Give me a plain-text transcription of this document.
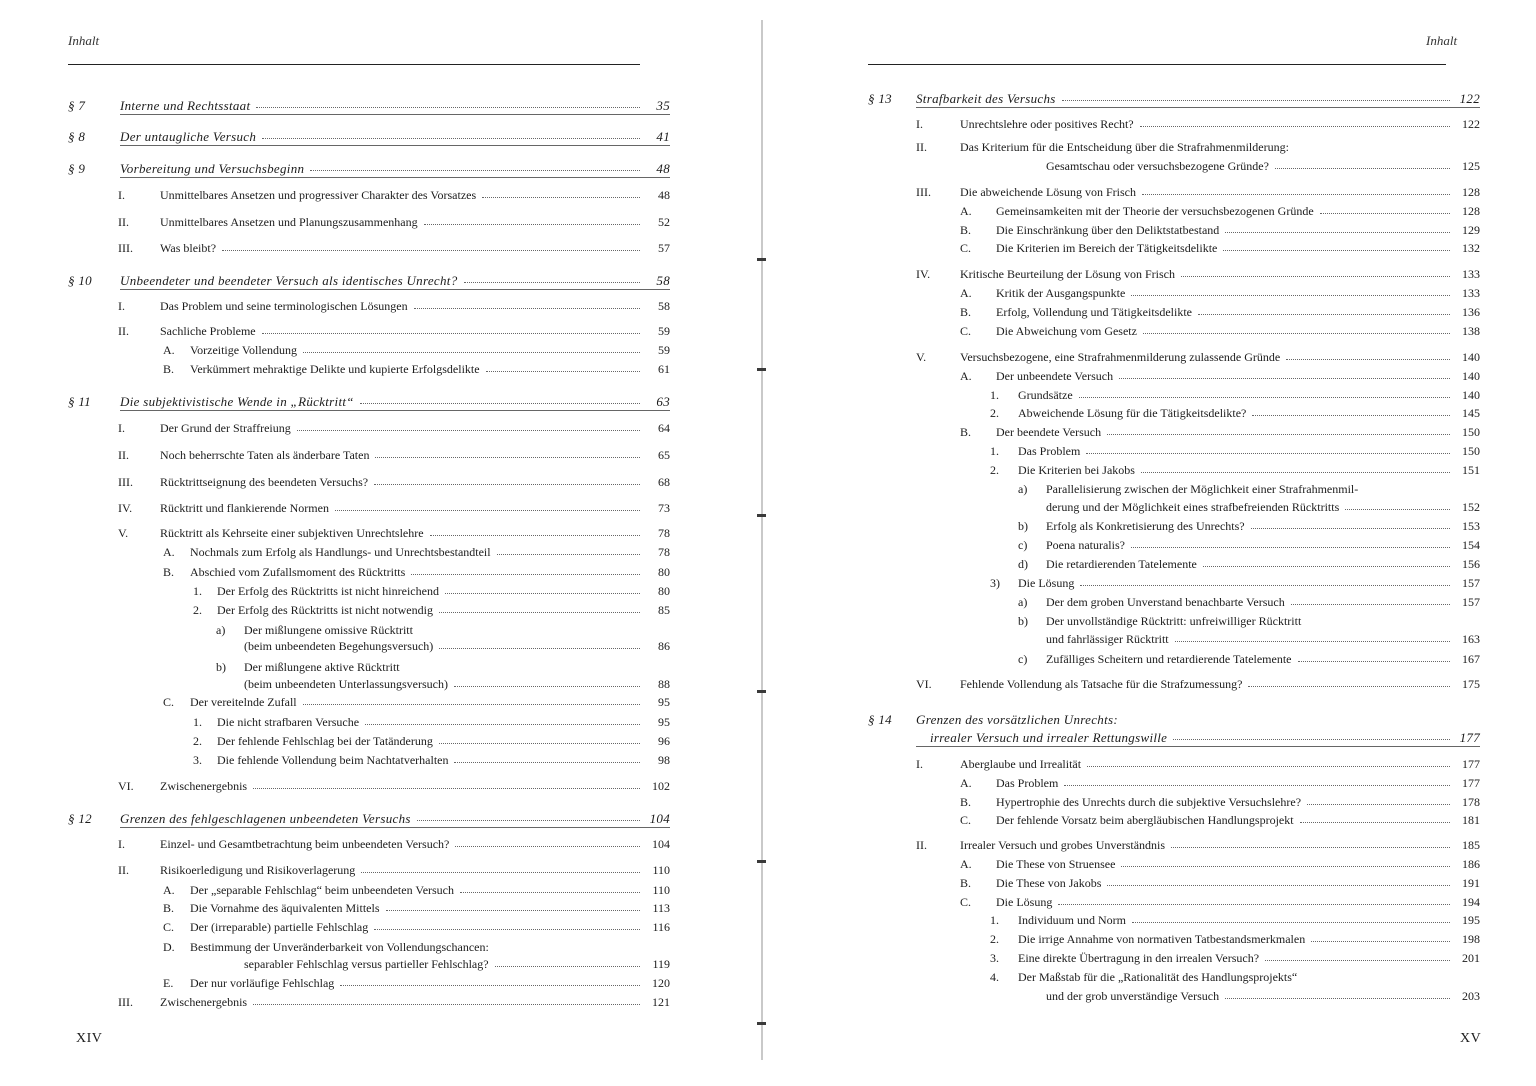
Inhalt
§ 7	Interne und Rechtsstaat	35
§ 8	Der untaugliche Versuch	41
§ 9	Vorbereitung und Versuchsbeginn	48
I.	Unmittelbares Ansetzen und progressiver Charakter des Vorsatzes	48
II.	Unmittelbares Ansetzen und Planungszusammenhang	52
III. Was bleibt?	57
§ 10 Unbeendeter und beendeter Versuch als identisches Unrecht?	58
I.	Das Problem und seine terminologischen Lösungen	58
II.	Sachliche Probleme	59
A. Vorzeitige Vollendung	59
B. Verkümmert mehraktige Delikte und kupierte Erfolgsdelikte	61
§ 11 Die subjektivistische Wende in „Rücktritt“	63
I.	Der Grund der Straffreiung	64
II.	Noch beherrschte Taten als änderbare Taten	65
III. Rücktrittseignung des beendeten Versuchs?	68
IV. Rücktritt und flankierende Normen	73
V.	Rücktritt als Kehrseite einer subjektiven Unrechtslehre	78
A. Nochmals zum Erfolg als Handlungs- und Unrechtsbestandteil	78
B. Abschied vom Zufallsmoment des Rücktritts	80
1. Der Erfolg des Rücktritts ist nicht hinreichend	80
2. Der Erfolg des Rücktritts ist nicht notwendig	85
a) Der mißlungene omissive Rücktritt
(beim unbeendeten Begehungsversuch)	86
b) Der mißlungene aktive Rücktritt
(beim unbeendeten Unterlassungsversuch)	88
C. Der vereitelnde Zufall	95
1. Die nicht strafbaren Versuche	95
2. Der fehlende Fehlschlag bei der Tatänderung	96
3. Die fehlende Vollendung beim Nachtatverhalten	98
VI. Zwischenergebnis	102
§ 12 Grenzen des fehlgeschlagenen unbeendeten Versuchs	104
I.	Einzel- und Gesamtbetrachtung beim unbeendeten Versuch?	104
II.	Risikoerledigung und Risikoverlagerung	110
A. Der „separable Fehlschlag“ beim unbeendeten Versuch	110
B. Die Vornahme des äquivalenten Mittels	113
C. Der (irreparable) partielle Fehlschlag	116
D. Bestimmung der Unveränderbarkeit von Vollendungschancen:
separabler Fehlschlag versus partieller Fehlschlag?	119
E. Der nur vorläufige Fehlschlag	120
III. Zwischenergebnis	121
XIV
Inhalt
§ 13 Strafbarkeit des Versuchs	122
I.	Unrechtslehre oder positives Recht?	122
II.	Das Kriterium für die Entscheidung über die Strafrahmenmilderung:
Gesamtschau oder versuchsbezogene Gründe?	125
III. Die abweichende Lösung von Frisch	128
A. Gemeinsamkeiten mit der Theorie der versuchsbezogenen Gründe	128
B. Die Einschränkung über den Deliktstatbestand	129
C. Die Kriterien im Bereich der Tätigkeitsdelikte	132
IV. Kritische Beurteilung der Lösung von Frisch	133
A. Kritik der Ausgangspunkte	133
B. Erfolg, Vollendung und Tätigkeitsdelikte	136
C. Die Abweichung vom Gesetz	138
V.	Versuchsbezogene, eine Strafrahmenmilderung zulassende Gründe	140
A. Der unbeendete Versuch	140
1. Grundsätze	140
2. Abweichende Lösung für die Tätigkeitsdelikte?	145
B. Der beendete Versuch	150
1. Das Problem	150
2. Die Kriterien bei Jakobs	151
a) Parallelisierung zwischen der Möglichkeit einer Strafrahmenmil-
derung und der Möglichkeit eines strafbefreienden Rücktritts	152
b) Erfolg als Konkretisierung des Unrechts?	153
c) Poena naturalis?	154
d) Die retardierenden Tatelemente	156
3) Die Lösung	157
a) Der dem groben Unverstand benachbarte Versuch	157
b) Der unvollständige Rücktritt: unfreiwilliger Rücktritt
und fahrlässiger Rücktritt	163
c) Zufälliges Scheitern und retardierende Tatelemente	167
VI. Fehlende Vollendung als Tatsache für die Strafzumessung?	175
§ 14 Grenzen des vorsätzlichen Unrechts:
irrealer Versuch und irrealer Rettungswille	177
I.	Aberglaube und Irrealität	177
A. Das Problem	177
B. Hypertrophie des Unrechts durch die subjektive Versuchslehre?	178
C. Der fehlende Vorsatz beim abergläubischen Handlungsprojekt	181
II.	Irrealer Versuch und grobes Unverständnis	185
A. Die These von Struensee	186
B. Die These von Jakobs	191
C. Die Lösung	194
1. Individuum und Norm	195
2. Die irrige Annahme von normativen Tatbestandsmerkmalen	198
3. Eine direkte Übertragung in den irrealen Versuch?	201
4. Der Maßstab für die „Rationalität des Handlungsprojekts“
und der grob unverständige Versuch	203
XV
